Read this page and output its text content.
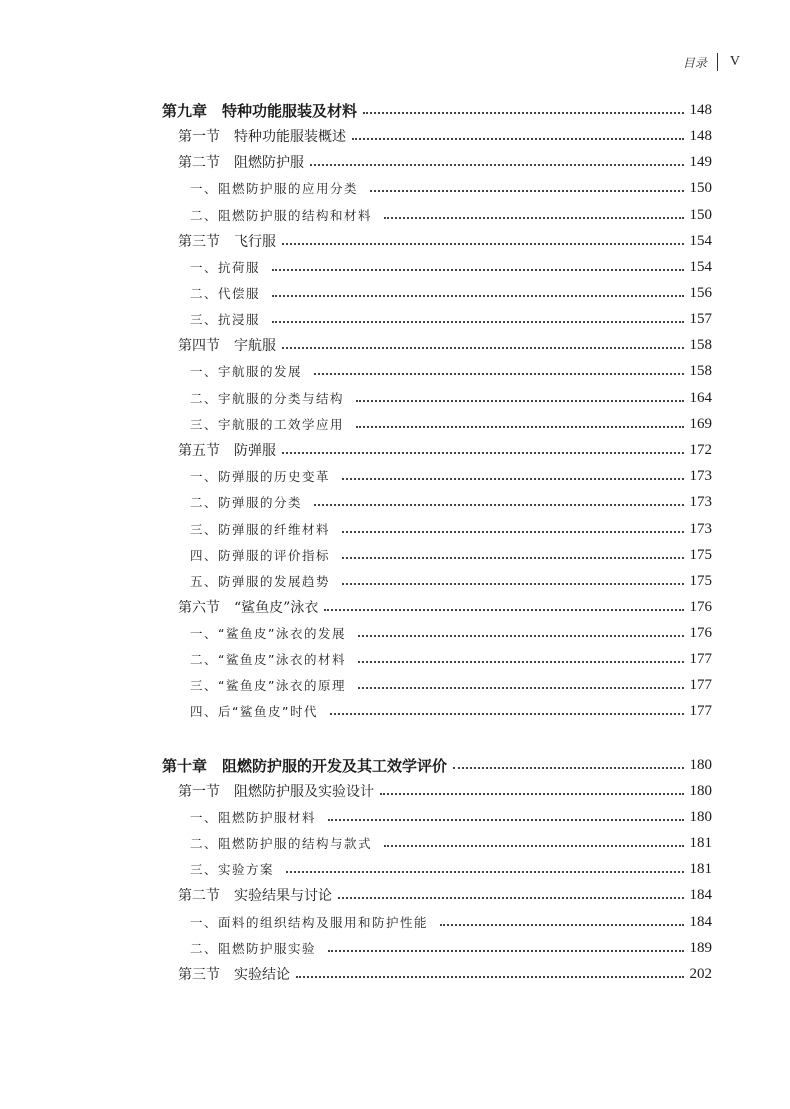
目录 V
第九章　特种功能服装及材料	148
第一节　特种功能服装概述	148
第二节　阻燃防护服	149
一、阻燃防护服的应用分类	150
二、阻燃防护服的结构和材料	150
第三节　飞行服	154
一、抗荷服	154
二、代偿服	156
三、抗浸服	157
第四节　宇航服	158
一、宇航服的发展	158
二、宇航服的分类与结构	164
三、宇航服的工效学应用	169
第五节　防弹服	172
一、防弹服的历史变革	173
二、防弹服的分类	173
三、防弹服的纤维材料	173
四、防弹服的评价指标	175
五、防弹服的发展趋势	175
第六节　“鲨鱼皮”泳衣	176
一、“鲨鱼皮”泳衣的发展	176
二、“鲨鱼皮”泳衣的材料	177
三、“鲨鱼皮”泳衣的原理	177
四、后“鲨鱼皮”时代	177
第十章　阻燃防护服的开发及其工效学评价	180
第一节　阻燃防护服及实验设计	180
一、阻燃防护服材料	180
二、阻燃防护服的结构与款式	181
三、实验方案	181
第二节　实验结果与讨论	184
一、面料的组织结构及服用和防护性能	184
二、阻燃防护服实验	189
第三节　实验结论	202
